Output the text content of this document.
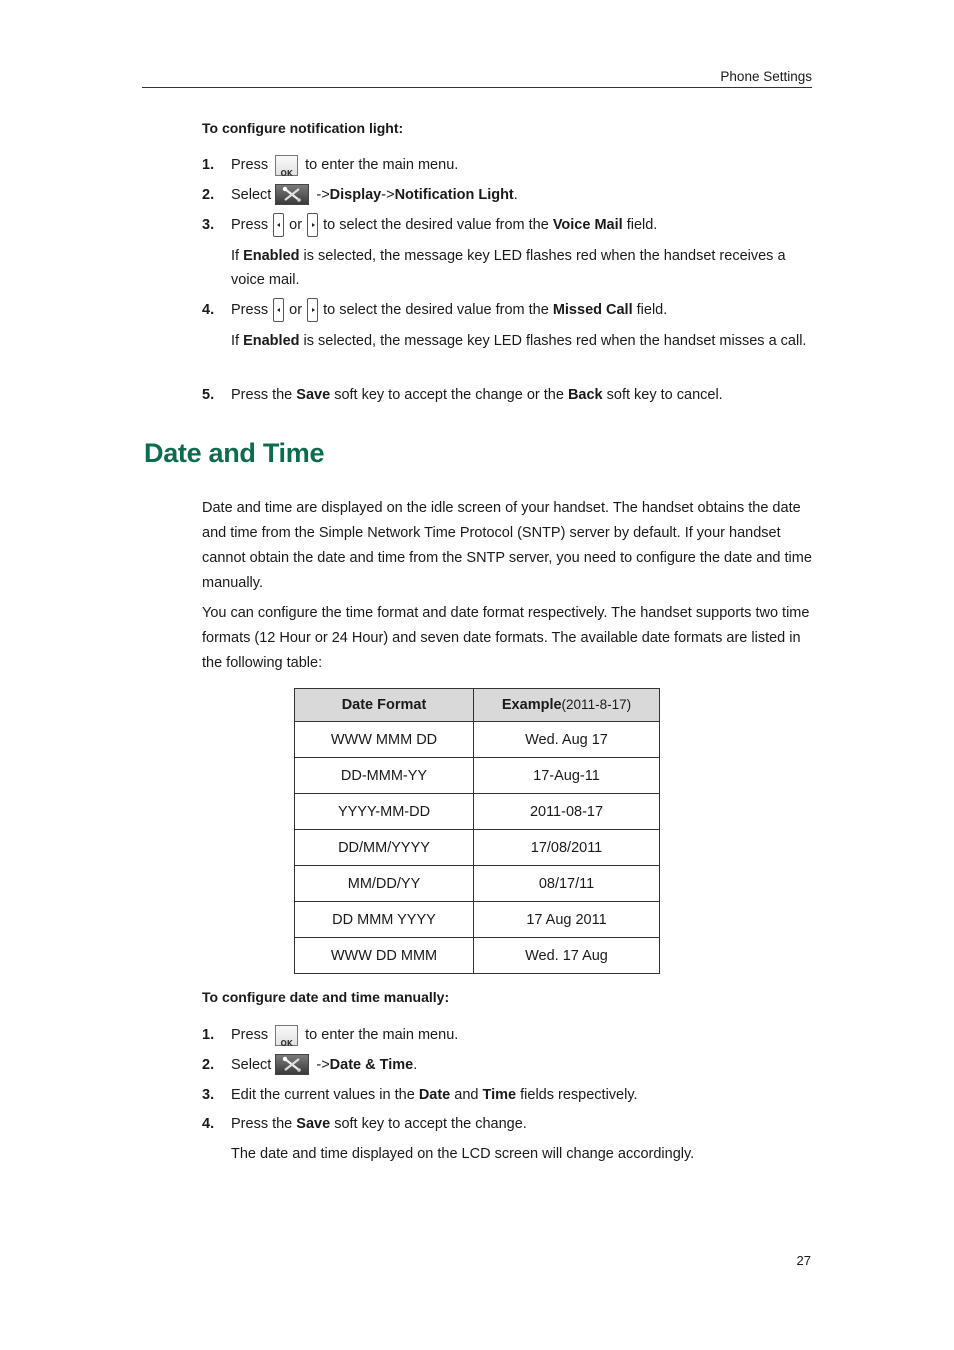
Phone Settings
To configure notification light:
1. Press OK	to enter the main menu.
2. Select	->Display->Notification Light.
3. Press or to select the desired value from the Voice Mail field.
If Enabled is selected, the message key LED flashes red when the handset receives a voice mail.
4. Press or to select the desired value from the Missed Call field.
If Enabled is selected, the message key LED flashes red when the handset misses a call.
5. Press the Save soft key to accept the change or the Back soft key to cancel.
Date and Time
Date and time are displayed on the idle screen of your handset. The handset obtains the date and time from the Simple Network Time Protocol (SNTP) server by default. If your handset cannot obtain the date and time from the SNTP server, you need to configure the date and time manually.
You can configure the time format and date format respectively. The handset supports two time formats (12 Hour or 24 Hour) and seven date formats. The available date formats are listed in the following table:
Date Format	Example(2011-8-17)
WWW MMM DD	Wed. Aug 17
DD-MMM-YY	17-Aug-11
YYYY-MM-DD	2011-08-17
DD/MM/YYYY	17/08/2011
MM/DD/YY	08/17/11
DD MMM YYYY	17 Aug 2011
WWW DD MMM	Wed. 17 Aug
To configure date and time manually:
1. Press OK	to enter the main menu.
2. Select	->Date & Time.
3. Edit the current values in the Date and Time fields respectively.
4. Press the Save soft key to accept the change.
The date and time displayed on the LCD screen will change accordingly.
27
